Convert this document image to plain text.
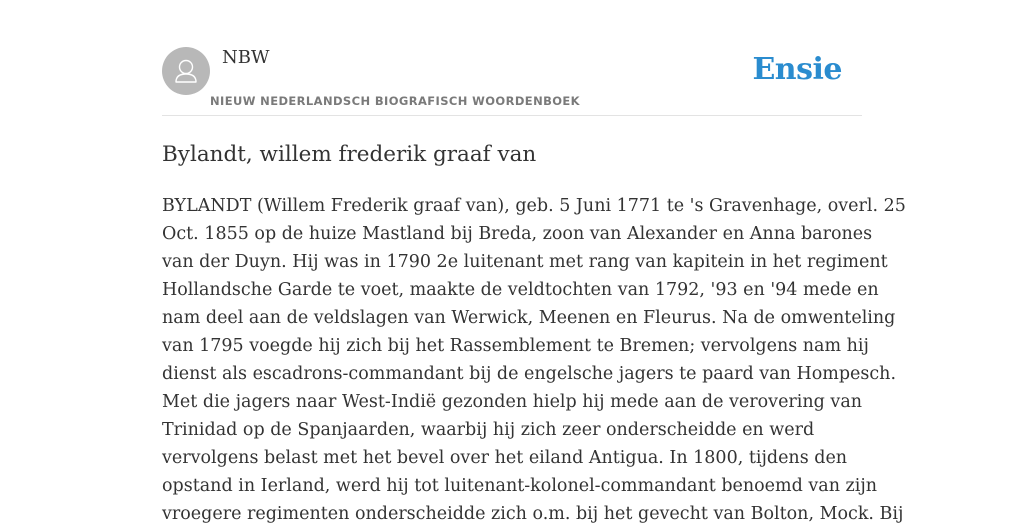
NBW
NIEUW NEDERLANDSCH BIOGRAFISCH WOORDENBOEK
Ensie
Bylandt, willem frederik graaf van

BYLANDT (Willem Frederik graaf van), geb. 5 Juni 1771 te 's Gravenhage, overl. 25
Oct. 1855 op de huize Mastland bij Breda, zoon van Alexander en Anna barones
van der Duyn. Hij was in 1790 2e luitenant met rang van kapitein in het regiment
Hollandsche Garde te voet, maakte de veldtochten van 1792, '93 en '94 mede en
nam deel aan de veldslagen van Werwick, Meenen en Fleurus. Na de omwenteling
van 1795 voegde hij zich bij het Rassemblement te Bremen; vervolgens nam hij
dienst als escadrons-commandant bij de engelsche jagers te paard van Hompesch.
Met die jagers naar West-Indië gezonden hielp hij mede aan de verovering van
Trinidad op de Spanjaarden, waarbij hij zich zeer onderscheidde en werd
vervolgens belast met het bevel over het eiland Antigua. In 1800, tijdens den
opstand in Ierland, werd hij tot luitenant-kolonel-commandant benoemd van zijn
vroegere regimenten onderscheidde zich o.m. bij het gevecht van Bolton, Mock. Bij
